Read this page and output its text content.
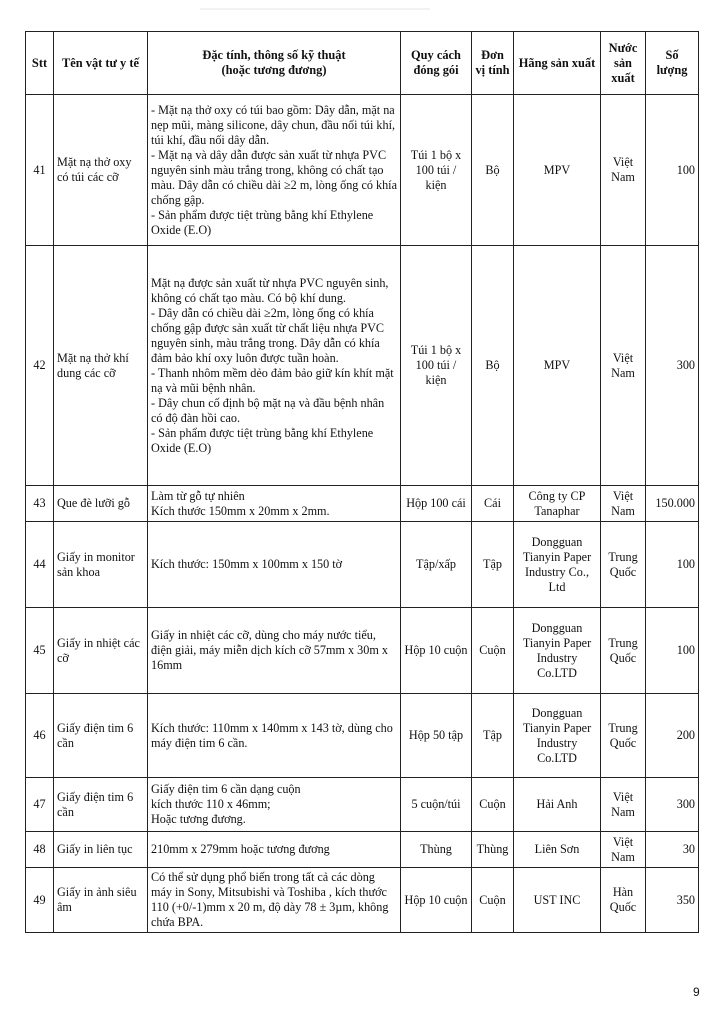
Stt	Tên vật tư y tế	Đặc tính, thông số kỹ thuật
(hoặc tương đương)	Quy cách đóng gói	Đơn vị tính	Hãng sản xuất	Nước sản xuất	Số lượng
41	Mặt nạ thở oxy có túi các cỡ	- Mặt nạ thở oxy có túi bao gồm: Dây dẫn, mặt na nẹp mũi, màng silicone, dây chun, đầu nối túi khí, túi khí, đầu nối dây dẫn.
- Mặt nạ và dây dẫn được sản xuất từ nhựa PVC nguyên sinh màu trắng trong, không có chất tạo màu. Dây dẫn có chiều dài ≥2 m, lòng ống có khía chống gập.
- Sản phẩm được tiệt trùng bằng khí Ethylene Oxide (E.O)	Túi 1 bộ x 100 túi / kiện	Bộ	MPV	Việt Nam	100
42	Mặt nạ thở khí dung các cỡ	Mặt nạ được sản xuất từ nhựa PVC nguyên sinh, không có chất tạo màu. Có bộ khí dung.
- Dây dẫn có chiều dài ≥2m, lòng ống có khía chống gập được sản xuất từ chất liệu nhựa PVC nguyên sinh, màu trắng trong. Dây dẫn có khía đảm bảo khí oxy luôn được tuần hoàn.
- Thanh nhôm mềm dẻo đảm bảo giữ kín khít mặt nạ và mũi bệnh nhân.
- Dây chun cố định bộ mặt nạ và đầu bệnh nhân có độ đàn hồi cao.
- Sản phẩm được tiệt trùng bằng khí Ethylene Oxide (E.O)	Túi 1 bộ x 100 túi / kiện	Bộ	MPV	Việt Nam	300
43	Que đè lưỡi gỗ	Làm từ gỗ tự nhiên
Kích thước 150mm x 20mm x 2mm.	Hộp 100 cái	Cái	Công ty CP Tanaphar	Việt Nam	150.000
44	Giấy in monitor sản khoa	Kích thước: 150mm x 100mm x 150 tờ	Tập/xấp	Tập	Dongguan Tianyin Paper Industry Co., Ltd	Trung Quốc	100
45	Giấy in nhiệt các cỡ	Giấy in nhiệt các cỡ, dùng cho máy nước tiểu, điện giải, máy miễn dịch kích cỡ 57mm x 30m x 16mm	Hộp 10 cuộn	Cuộn	Dongguan Tianyin Paper Industry Co.LTD	Trung Quốc	100
46	Giấy điện tim 6 cần	Kích thước: 110mm x 140mm x 143 tờ, dùng cho máy điện tim 6 cần.	Hộp 50 tập	Tập	Dongguan Tianyin Paper Industry Co.LTD	Trung Quốc	200
47	Giấy điện tim 6 cần	Giấy điện tim 6 cần dạng cuộn
kích thước 110 x 46mm;
Hoặc tương đương.	5 cuộn/túi	Cuộn	Hải Anh	Việt Nam	300
48	Giấy in liên tục	210mm x 279mm hoặc tương đương	Thùng	Thùng	Liên Sơn	Việt Nam	30
49	Giấy in ảnh siêu âm	Có thể sử dụng phổ biến trong tất cả các dòng máy in Sony, Mitsubishi và Toshiba , kích thước 110 (+0/-1)mm x 20 m, độ dày 78 ± 3µm, không chứa BPA.	Hộp 10 cuộn	Cuộn	UST INC	Hàn Quốc	350
9
